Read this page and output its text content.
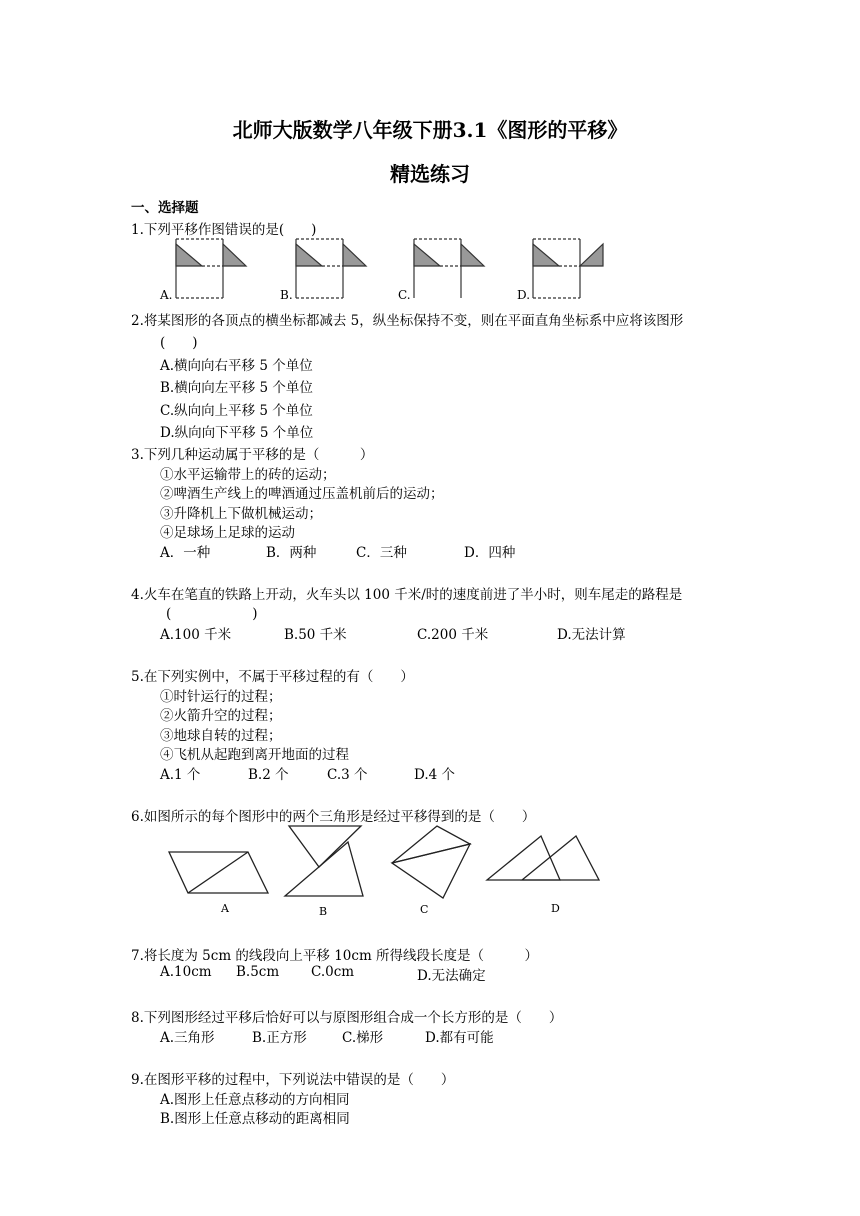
北师大版数学八年级下册3.1《图形的平移》
精选练习
一、选择题
1.下列平移作图错误的是(　　)
A.	B.	C.	D.
2.将某图形的各顶点的横坐标都减去 5，纵坐标保持不变，则在平面直角坐标系中应将该图形
(　　)
A.横向向右平移 5 个单位
B.横向向左平移 5 个单位
C.纵向向上平移 5 个单位
D.纵向向下平移 5 个单位
3.下列几种运动属于平移的是（　　　）
①水平运输带上的砖的运动；
②啤酒生产线上的啤酒通过压盖机前后的运动；
③升降机上下做机械运动；
④足球场上足球的运动
A．一种	B．两种	C．三种	D．四种
4.火车在笔直的铁路上开动，火车头以 100 千米/时的速度前进了半小时，则车尾走的路程是
(　　　　　　)
A.100 千米	B.50 千米	C.200 千米	D.无法计算
5.在下列实例中，不属于平移过程的有（　　）
①时针运行的过程；
②火箭升空的过程；
③地球自转的过程；
④飞机从起跑到离开地面的过程
A.1 个	B.2 个	C.3 个	D.4 个
6.如图所示的每个图形中的两个三角形是经过平移得到的是（　　）
A	B	C	D
7.将长度为 5cm 的线段向上平移 10cm 所得线段长度是（　　　）
A.10cm B.5cm C.0cm	D.无法确定
8.下列图形经过平移后恰好可以与原图形组合成一个长方形的是（　　）
A.三角形	B.正方形	C.梯形	D.都有可能
9.在图形平移的过程中，下列说法中错误的是（　　）
A.图形上任意点移动的方向相同
B.图形上任意点移动的距离相同
